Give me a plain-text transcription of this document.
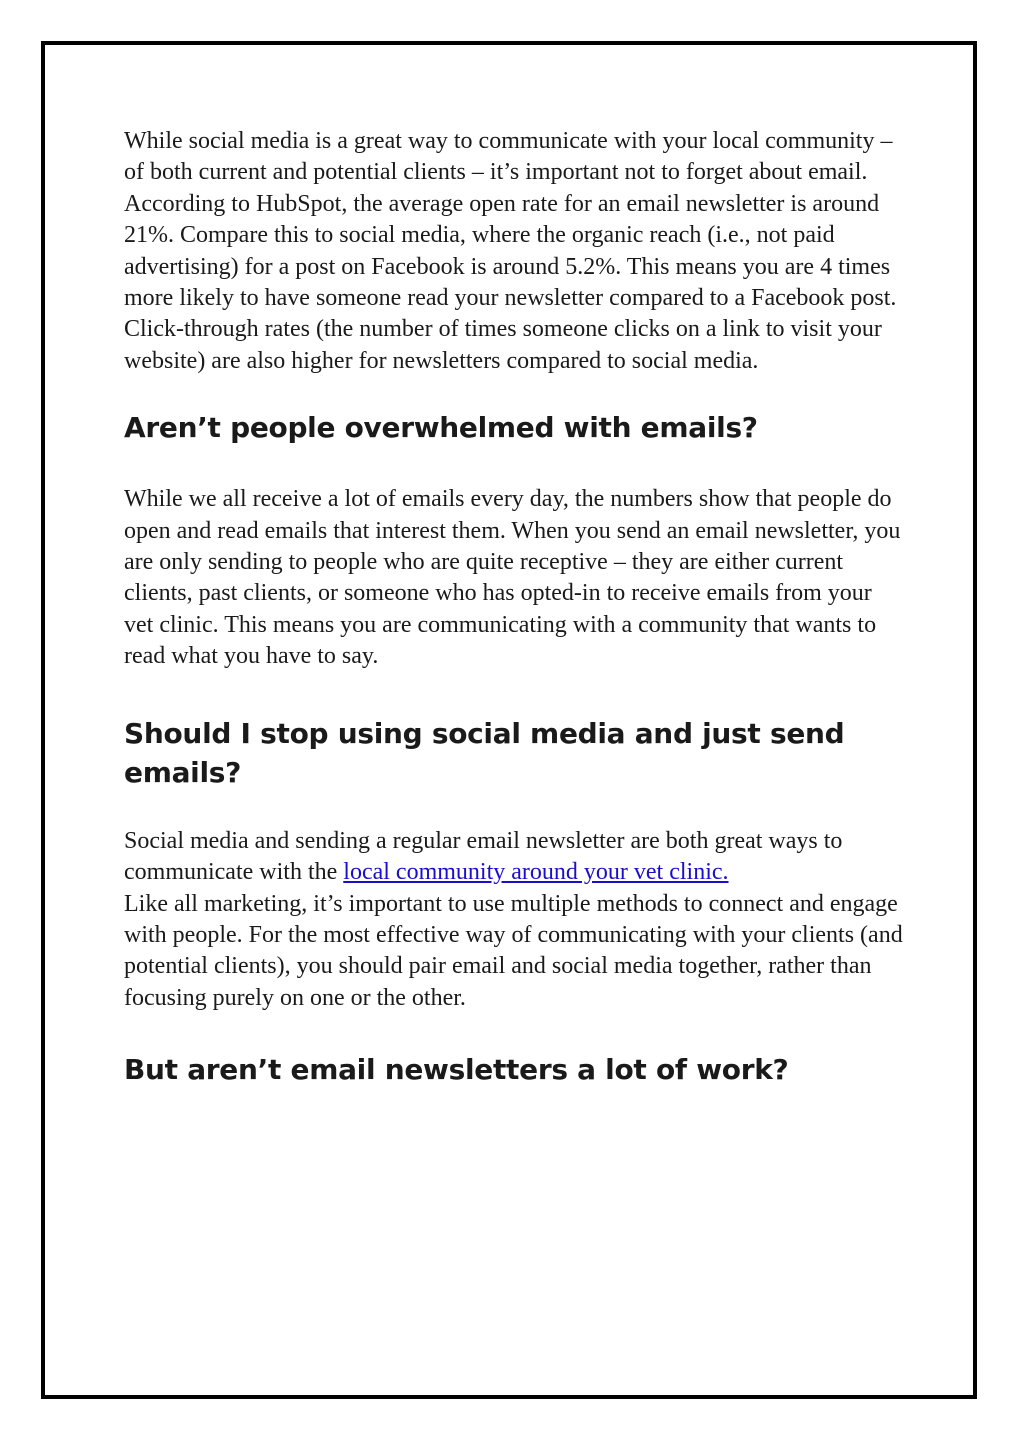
While social media is a great way to communicate with your local community – of both current and potential clients – it’s important not to forget about email.

According to HubSpot, the average open rate for an email newsletter is around 21%. Compare this to social media, where the organic reach (i.e., not paid advertising) for a post on Facebook is around 5.2%. This means you are 4 times more likely to have someone read your newsletter compared to a Facebook post. Click-through rates (the number of times someone clicks on a link to visit your website) are also higher for newsletters compared to social media.

Aren’t people overwhelmed with emails?

While we all receive a lot of emails every day, the numbers show that people do open and read emails that interest them. When you send an email newsletter, you are only sending to people who are quite receptive – they are either current clients, past clients, or someone who has opted-in to receive emails from your vet clinic. This means you are communicating with a community that wants to read what you have to say.

Should I stop using social media and just send emails?

Social media and sending a regular email newsletter are both great ways to communicate with the local community around your vet clinic.

Like all marketing, it’s important to use multiple methods to connect and engage with people. For the most effective way of communicating with your clients (and potential clients), you should pair email and social media together, rather than focusing purely on one or the other.

But aren’t email newsletters a lot of work?
